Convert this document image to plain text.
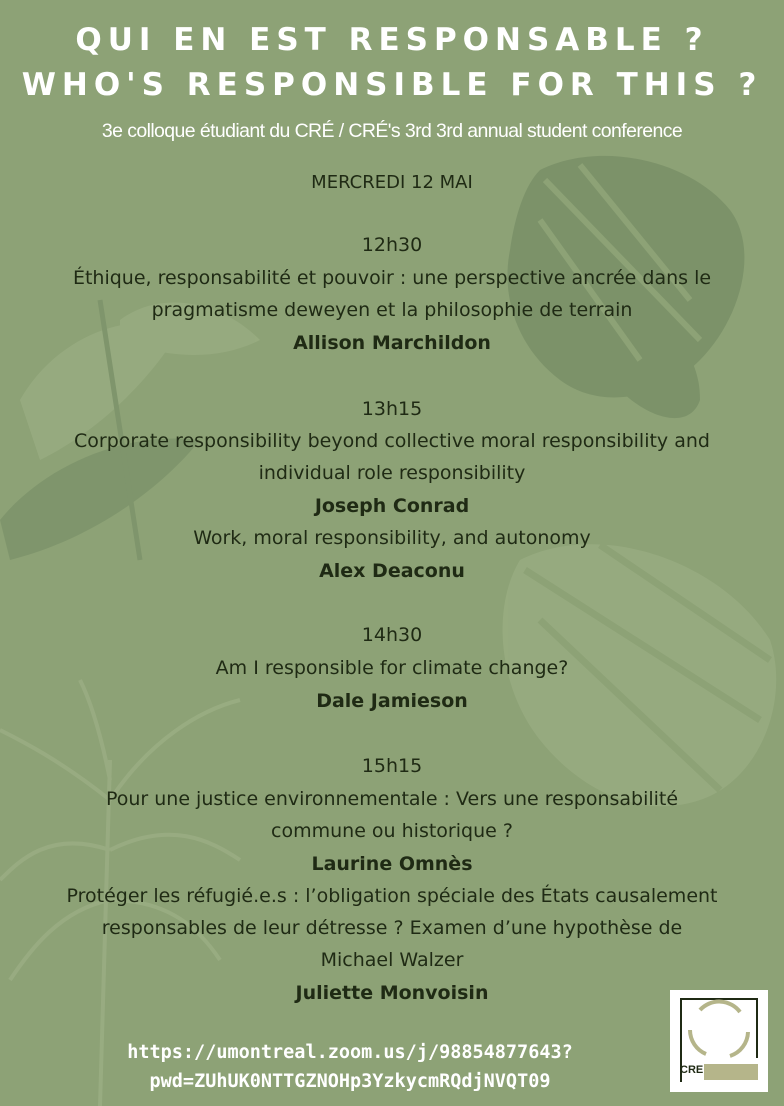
QUI EN EST RESPONSABLE ?
WHO'S RESPONSIBLE FOR THIS ?
3e colloque étudiant du CRÉ / CRÉ's 3rd 3rd annual student conference
MERCREDI 12 MAI
12h30
Éthique, responsabilité et pouvoir : une perspective ancrée dans le
pragmatisme deweyen et la philosophie de terrain
Allison Marchildon
13h15
Corporate responsibility beyond collective moral responsibility and
individual role responsibility
Joseph Conrad
Work, moral responsibility, and autonomy
Alex Deaconu
14h30
Am I responsible for climate change?
Dale Jamieson
15h15
Pour une justice environnementale : Vers une responsabilité
commune ou historique ?
Laurine Omnès
Protéger les réfugié.e.s : l’obligation spéciale des États causalement
responsables de leur détresse ? Examen d’une hypothèse de
Michael Walzer
Juliette Monvoisin
https://umontreal.zoom.us/j/98854877643?
pwd=ZUhUK0NTTGZNOHp3YzkycmRQdjNVQT09
CRE
